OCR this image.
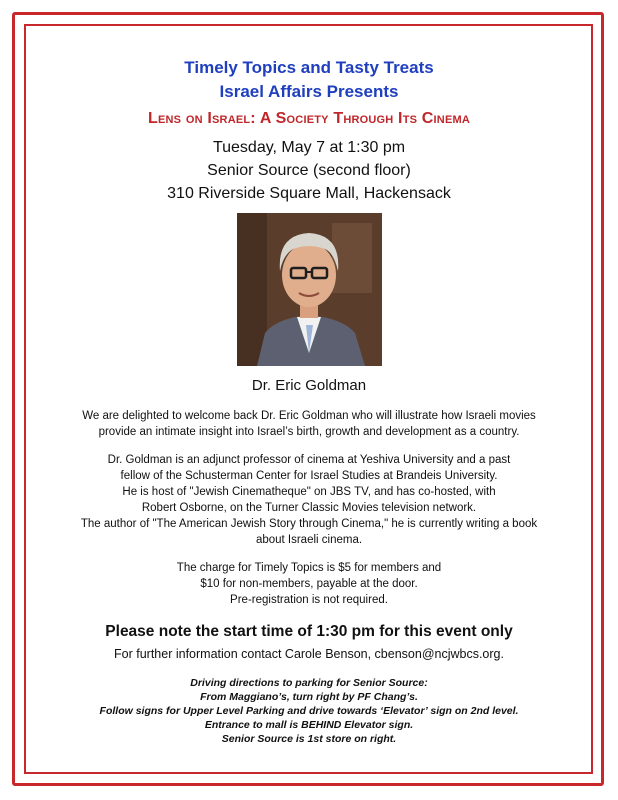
Timely Topics and Tasty Treats
Israel Affairs Presents
Lens on Israel: A Society Through Its Cinema
Tuesday, May 7 at 1:30 pm
Senior Source (second floor)
310 Riverside Square Mall, Hackensack
Dr. Eric Goldman
We are delighted to welcome back Dr. Eric Goldman who will illustrate how Israeli movies
provide an intimate insight into Israel’s birth, growth and development as a country.
Dr. Goldman is an adjunct professor of cinema at Yeshiva University and a past
fellow of the Schusterman Center for Israel Studies at Brandeis University.
He is host of "Jewish Cinematheque" on JBS TV, and has co-hosted, with
Robert Osborne, on the Turner Classic Movies television network.
The author of "The American Jewish Story through Cinema," he is currently writing a book
about Israeli cinema.
The charge for Timely Topics is $5 for members and
$10 for non-members, payable at the door.
Pre-registration is not required.
Please note the start time of 1:30 pm for this event only
For further information contact Carole Benson, cbenson@ncjwbcs.org.
Driving directions to parking for Senior Source:
From Maggiano’s, turn right by PF Chang’s.
Follow signs for Upper Level Parking and drive towards ‘Elevator’ sign on 2nd level.
Entrance to mall is BEHIND Elevator sign.
Senior Source is 1st store on right.
